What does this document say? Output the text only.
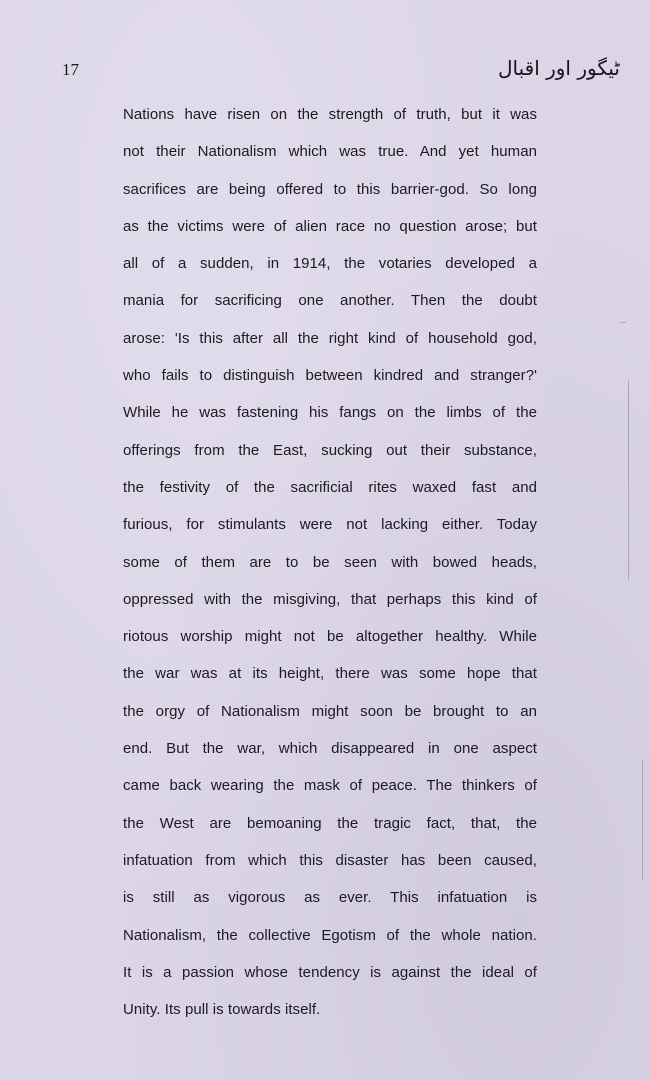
17	ٹیگور اور اقبال
Nations have risen on the strength of truth, but it was
not their Nationalism which was true. And yet human
sacrifices are being offered to this barrier-god. So long
as the victims were of alien race no question arose; but
all of a sudden, in 1914, the votaries developed a
mania for sacrificing one another. Then the doubt
arose: 'Is this after all the right kind of household god,
who fails to distinguish between kindred and stranger?'
While he was fastening his fangs on the limbs of the
offerings from the East, sucking out their substance,
the festivity of the sacrificial rites waxed fast and
furious, for stimulants were not lacking either. Today
some of them are to be seen with bowed heads,
oppressed with the misgiving, that perhaps this kind of
riotous worship might not be altogether healthy. While
the war was at its height, there was some hope that
the orgy of Nationalism might soon be brought to an
end. But the war, which disappeared in one aspect
came back wearing the mask of peace. The thinkers of
the West are bemoaning the tragic fact, that, the
infatuation from which this disaster has been caused,
is still as vigorous as ever. This infatuation is
Nationalism, the collective Egotism of the whole nation.
It is a passion whose tendency is against the ideal of
Unity. Its pull is towards itself.
